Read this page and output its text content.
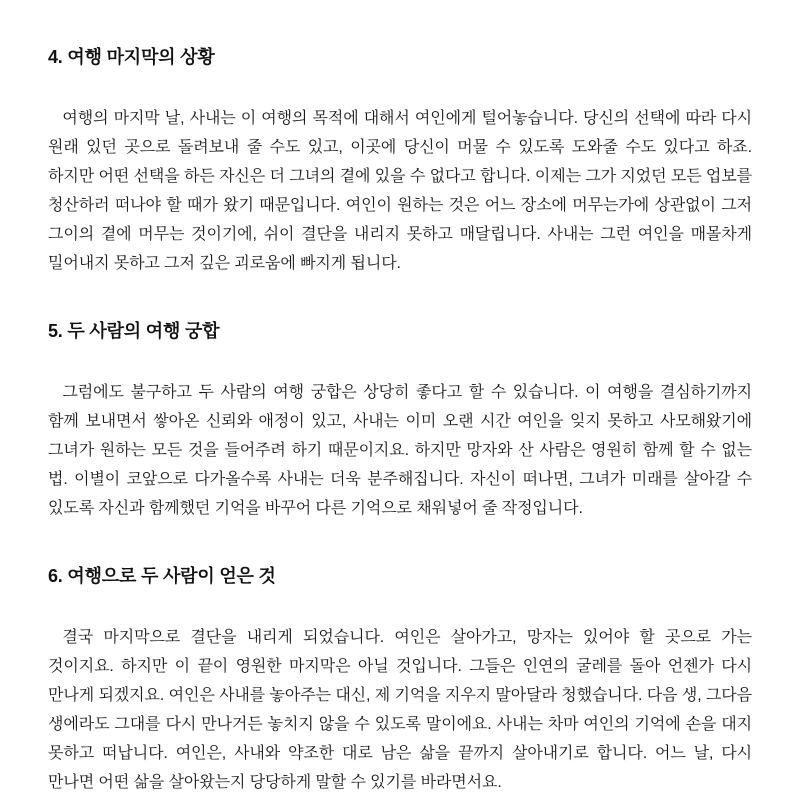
4. 여행 마지막의 상황

여행의 마지막 날, 사내는 이 여행의 목적에 대해서 여인에게 털어놓습니다. 당신의 선택에 따라 다시 원래 있던 곳으로 돌려보내 줄 수도 있고, 이곳에 당신이 머물 수 있도록 도와줄 수도 있다고 하죠. 하지만 어떤 선택을 하든 자신은 더 그녀의 곁에 있을 수 없다고 합니다. 이제는 그가 지었던 모든 업보를 청산하러 떠나야 할 때가 왔기 때문입니다. 여인이 원하는 것은 어느 장소에 머무는가에 상관없이 그저 그이의 곁에 머무는 것이기에, 쉬이 결단을 내리지 못하고 매달립니다. 사내는 그런 여인을 매몰차게 밀어내지 못하고 그저 깊은 괴로움에 빠지게 됩니다.

5. 두 사람의 여행 궁합

그럼에도 불구하고 두 사람의 여행 궁합은 상당히 좋다고 할 수 있습니다. 이 여행을 결심하기까지 함께 보내면서 쌓아온 신뢰와 애정이 있고, 사내는 이미 오랜 시간 여인을 잊지 못하고 사모해왔기에 그녀가 원하는 모든 것을 들어주려 하기 때문이지요. 하지만 망자와 산 사람은 영원히 함께 할 수 없는 법. 이별이 코앞으로 다가올수록 사내는 더욱 분주해집니다. 자신이 떠나면, 그녀가 미래를 살아갈 수 있도록 자신과 함께했던 기억을 바꾸어 다른 기억으로 채워넣어 줄 작정입니다.

6. 여행으로 두 사람이 얻은 것

결국 마지막으로 결단을 내리게 되었습니다. 여인은 살아가고, 망자는 있어야 할 곳으로 가는 것이지요. 하지만 이 끝이 영원한 마지막은 아닐 것입니다. 그들은 인연의 굴레를 돌아 언젠가 다시 만나게 되겠지요. 여인은 사내를 놓아주는 대신, 제 기억을 지우지 말아달라 청했습니다. 다음 생, 그다음 생에라도 그대를 다시 만나거든 놓치지 않을 수 있도록 말이에요. 사내는 차마 여인의 기억에 손을 대지 못하고 떠납니다. 여인은, 사내와 약조한 대로 남은 삶을 끝까지 살아내기로 합니다. 어느 날, 다시 만나면 어떤 삶을 살아왔는지 당당하게 말할 수 있기를 바라면서요.
